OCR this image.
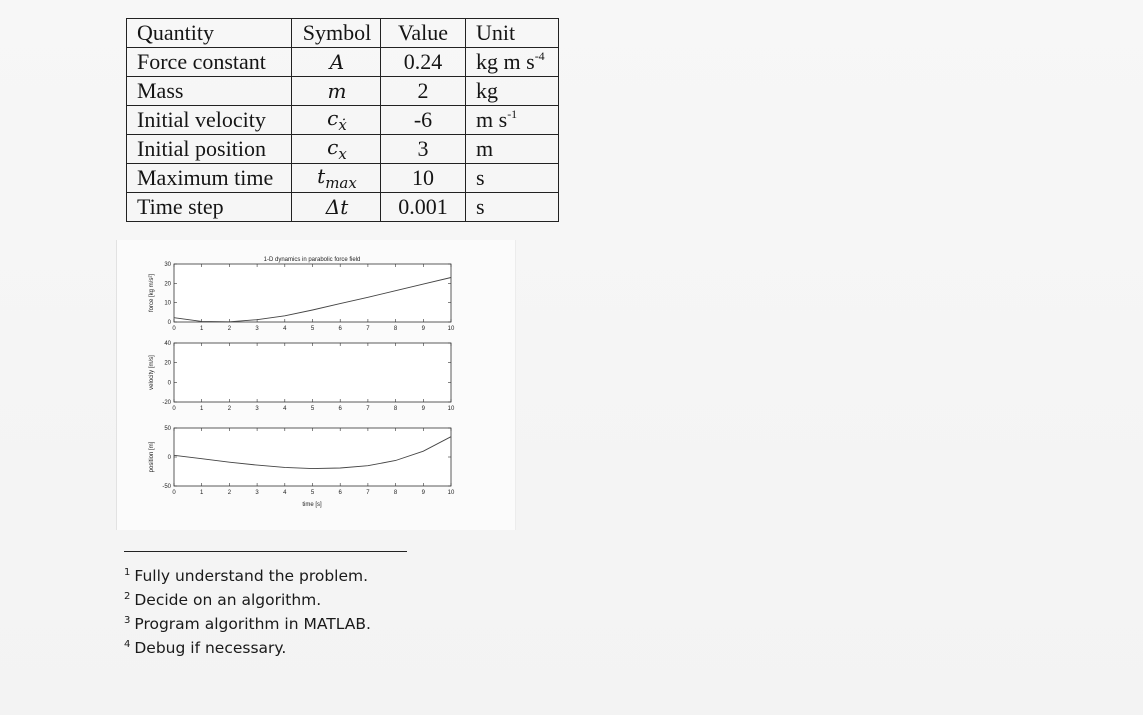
Quantity	Symbol	Value	Unit
Force constant	A	0.24	kg m $s^{-4}$
Mass	m	2	kg
Initial velocity	$c_ẋ$	-6	m $s^{-1}$
Initial position	$c_x$	3	m
Maximum time	$t_{max}$	10	s
Time step	Δt	0.001	s
1-D dynamics in parabolic force field
time [s]
0	1	2	3	4	5	6	7	8	9	10
0
10
20
30
force [kg m/s²]
0	1	2	3	4	5	6	7	8	9	10
-20
0
20
40
velocity [m/s]
0	1	2	3	4	5	6	7	8	9	10
-50
0
50
position [m]
$^1$ Fully understand the problem.
$^2$ Decide on an algorithm.
$^3$ Program algorithm in MATLAB.
$^4$ Debug if necessary.
